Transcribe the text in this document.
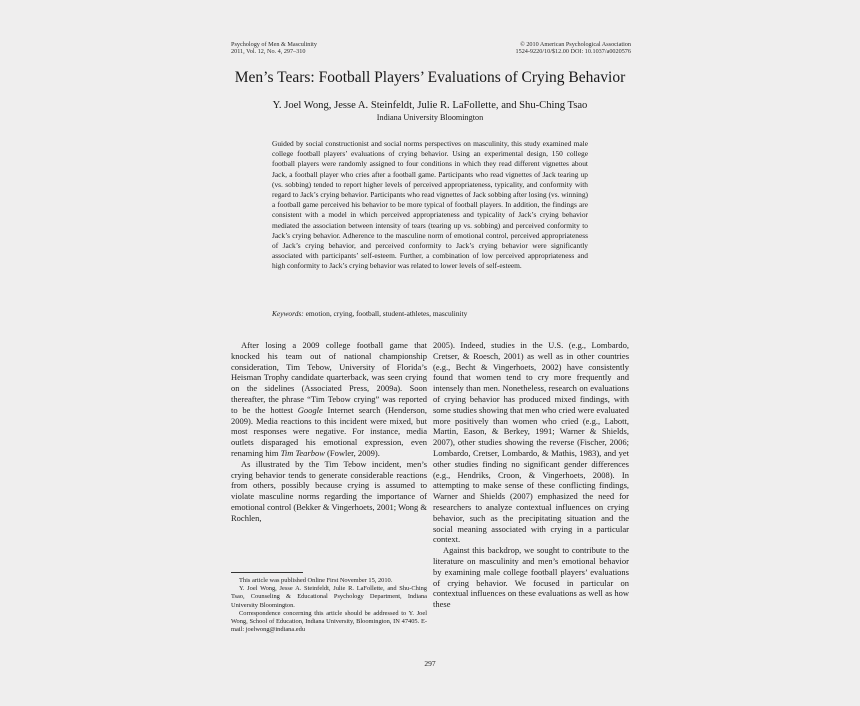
Psychology of Men & Masculinity
2011, Vol. 12, No. 4, 297–310
© 2010 American Psychological Association
1524-9220/10/$12.00 DOI: 10.1037/a0020576
Men’s Tears: Football Players’ Evaluations of Crying Behavior
Y. Joel Wong, Jesse A. Steinfeldt, Julie R. LaFollette, and Shu-Ching Tsao
Indiana University Bloomington
Guided by social constructionist and social norms perspectives on masculinity, this study examined male college football players’ evaluations of crying behavior. Using an experimental design, 150 college football players were randomly assigned to four conditions in which they read different vignettes about Jack, a football player who cries after a football game. Participants who read vignettes of Jack tearing up (vs. sobbing) tended to report higher levels of perceived appropriateness, typicality, and conformity with regard to Jack’s crying behavior. Participants who read vignettes of Jack sobbing after losing (vs. winning) a football game perceived his behavior to be more typical of football players. In addition, the findings are consistent with a model in which perceived appropriateness and typicality of Jack’s crying behavior mediated the association between intensity of tears (tearing up vs. sobbing) and perceived conformity to Jack’s crying behavior. Adherence to the masculine norm of emotional control, perceived appropriateness of Jack’s crying behavior, and perceived conformity to Jack’s crying behavior were significantly associated with participants’ self-esteem. Further, a combination of low perceived appropriateness and high conformity to Jack’s crying behavior was related to lower levels of self-esteem.
Keywords: emotion, crying, football, student-athletes, masculinity

After losing a 2009 college football game that knocked his team out of national championship consideration, Tim Tebow, University of Florida’s Heisman Trophy candidate quarterback, was seen crying on the sidelines (Associated Press, 2009a). Soon thereafter, the phrase “Tim Tebow crying” was reported to be the hottest Google Internet search (Henderson, 2009). Media reactions to this incident were mixed, but most responses were negative. For instance, media outlets disparaged his emotional expression, even renaming him Tim Tearbow (Fowler, 2009).

As illustrated by the Tim Tebow incident, men’s crying behavior tends to generate considerable reactions from others, possibly because crying is assumed to violate masculine norms regarding the importance of emotional control (Bekker & Vingerhoets, 2001; Wong & Rochlen,

2005). Indeed, studies in the U.S. (e.g., Lombardo, Cretser, & Roesch, 2001) as well as in other countries (e.g., Becht & Vingerhoets, 2002) have consistently found that women tend to cry more frequently and intensely than men. Nonetheless, research on evaluations of crying behavior has produced mixed findings, with some studies showing that men who cried were evaluated more positively than women who cried (e.g., Labott, Martin, Eason, & Berkey, 1991; Warner & Shields, 2007), other studies showing the reverse (Fischer, 2006; Lombardo, Cretser, Lombardo, & Mathis, 1983), and yet other studies finding no significant gender differences (e.g., Hendriks, Croon, & Vingerhoets, 2008). In attempting to make sense of these conflicting findings, Warner and Shields (2007) emphasized the need for researchers to analyze contextual influences on crying behavior, such as the precipitating situation and the social meaning associated with crying in a particular context.

Against this backdrop, we sought to contribute to the literature on masculinity and men’s emotional behavior by examining male college football players’ evaluations of crying behavior. We focused in particular on contextual influences on these evaluations as well as how these

This article was published Online First November 15, 2010.

Y. Joel Wong, Jesse A. Steinfeldt, Julie R. LaFollette, and Shu-Ching Tsao, Counseling & Educational Psychology Department, Indiana University Bloomington.

Correspondence concerning this article should be addressed to Y. Joel Wong, School of Education, Indiana University, Bloomington, IN 47405. E-mail: joelwong@indiana.edu

297
